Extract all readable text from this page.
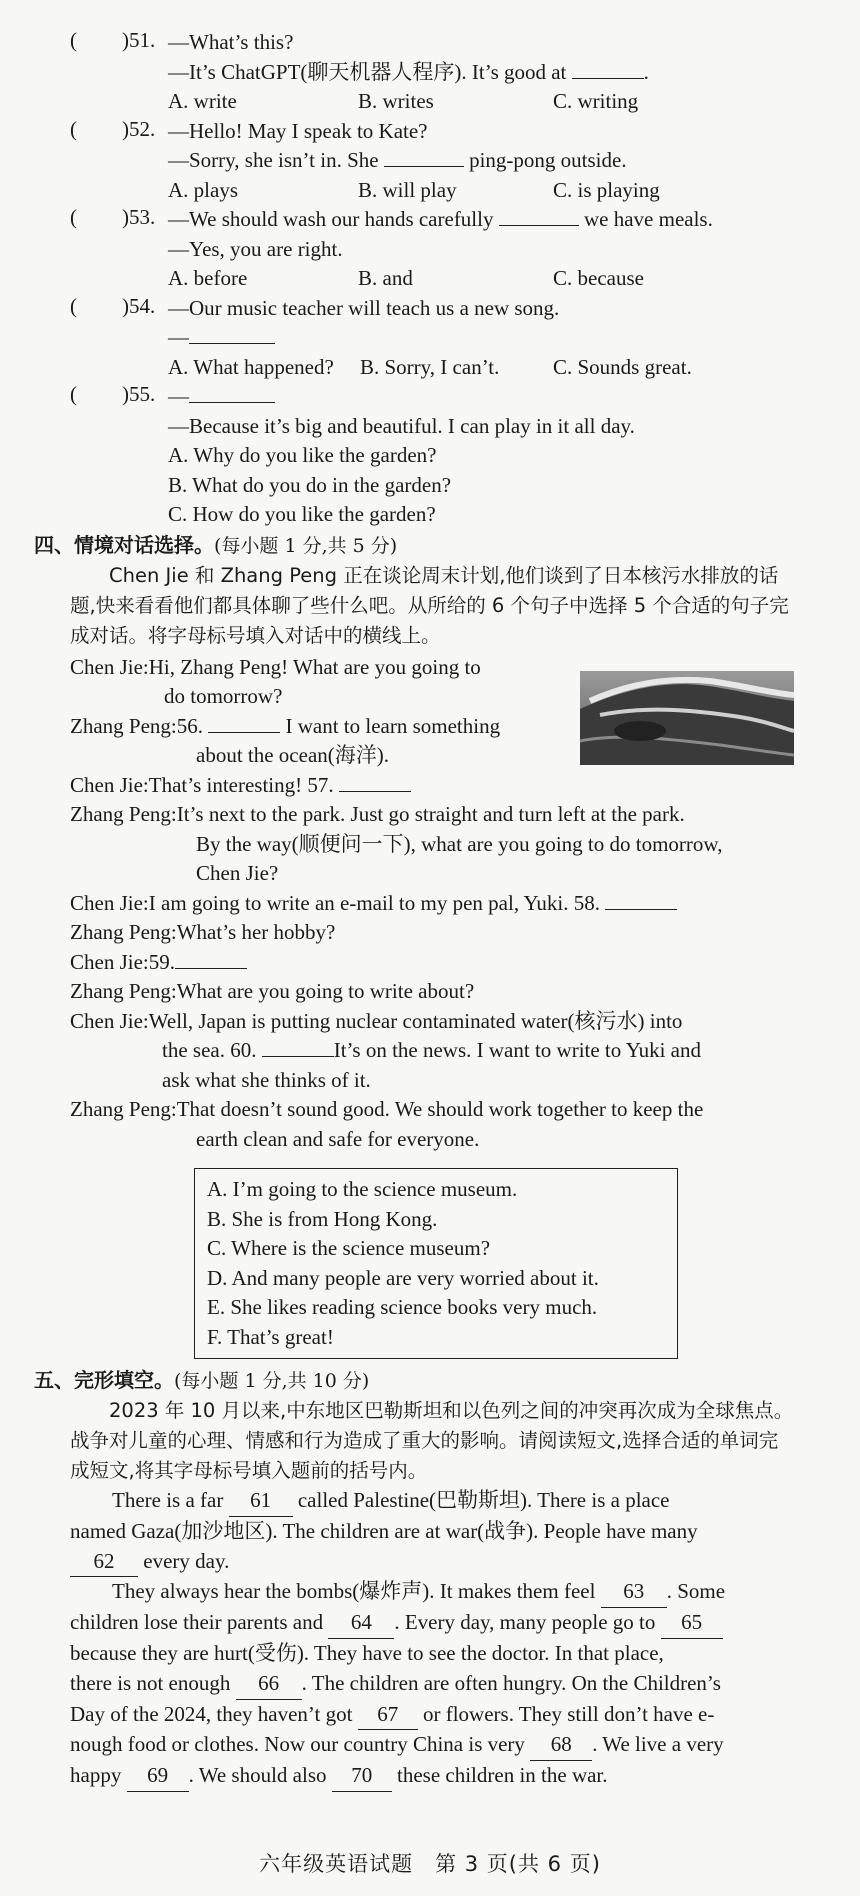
( )51. —What’s this?
—It’s ChatGPT(聊天机器人程序). It’s good at	.
A. write	B. writes	C. writing
( )52. —Hello! May I speak to Kate?
—Sorry, she isn’t in. She	ping-pong outside.
A. plays	B. will play	C. is playing
( )53. —We should wash our hands carefully	we have meals.
—Yes, you are right.
A. before	B. and	C. because
( )54. —Our music teacher will teach us a new song.
—
A. What happened?	B. Sorry, I can’t.	C. Sounds great.
( )55. —
—Because it’s big and beautiful. I can play in it all day.
A. Why do you like the garden?
B. What do you do in the garden?
C. How do you like the garden?
四、情境对话选择。(每小题 1 分,共 5 分)
Chen Jie 和 Zhang Peng 正在谈论周末计划,他们谈到了日本核污水排放的话题,快来看看他们都具体聊了些什么吧。从所给的 6 个句子中选择 5 个合适的句子完成对话。将字母标号填入对话中的横线上。
Chen Jie:Hi, Zhang Peng! What are you going to
do tomorrow?
Zhang Peng:56.	I want to learn something
about the ocean(海洋).
Chen Jie:That’s interesting! 57.
Zhang Peng:It’s next to the park. Just go straight and turn left at the park.
By the way(顺便问一下), what are you going to do tomorrow,
Chen Jie?
Chen Jie:I am going to write an e-mail to my pen pal, Yuki. 58.
Zhang Peng:What’s her hobby?
Chen Jie:59.
Zhang Peng:What are you going to write about?
Chen Jie:Well, Japan is putting nuclear contaminated water(核污水) into
the sea. 60.	It’s on the news. I want to write to Yuki and
ask what she thinks of it.
Zhang Peng:That doesn’t sound good. We should work together to keep the
earth clean and safe for everyone.
A. I’m going to the science museum.
B. She is from Hong Kong.
C. Where is the science museum?
D. And many people are very worried about it.
E. She likes reading science books very much.
F. That’s great!
五、完形填空。(每小题 1 分,共 10 分)
2023 年 10 月以来,中东地区巴勒斯坦和以色列之间的冲突再次成为全球焦点。战争对儿童的心理、情感和行为造成了重大的影响。请阅读短文,选择合适的单词完成短文,将其字母标号填入题前的括号内。

There is a far 61 called Palestine(巴勒斯坦). There is a place

named Gaza(加沙地区). The children are at war(战争). People have many

62 every day.

They always hear the bombs(爆炸声). It makes them feel 63 . Some

children lose their parents and 64 . Every day, many people go to 65

because they are hurt(受伤). They have to see the doctor. In that place,

there is not enough 66 . The children are often hungry. On the Children’s

Day of the 2024, they haven’t got 67 or flowers. They still don’t have e-

nough food or clothes. Now our country China is very 68 . We live a very

happy 69 . We should also 70 these children in the war.

六年级英语试题　第 3 页(共 6 页)
